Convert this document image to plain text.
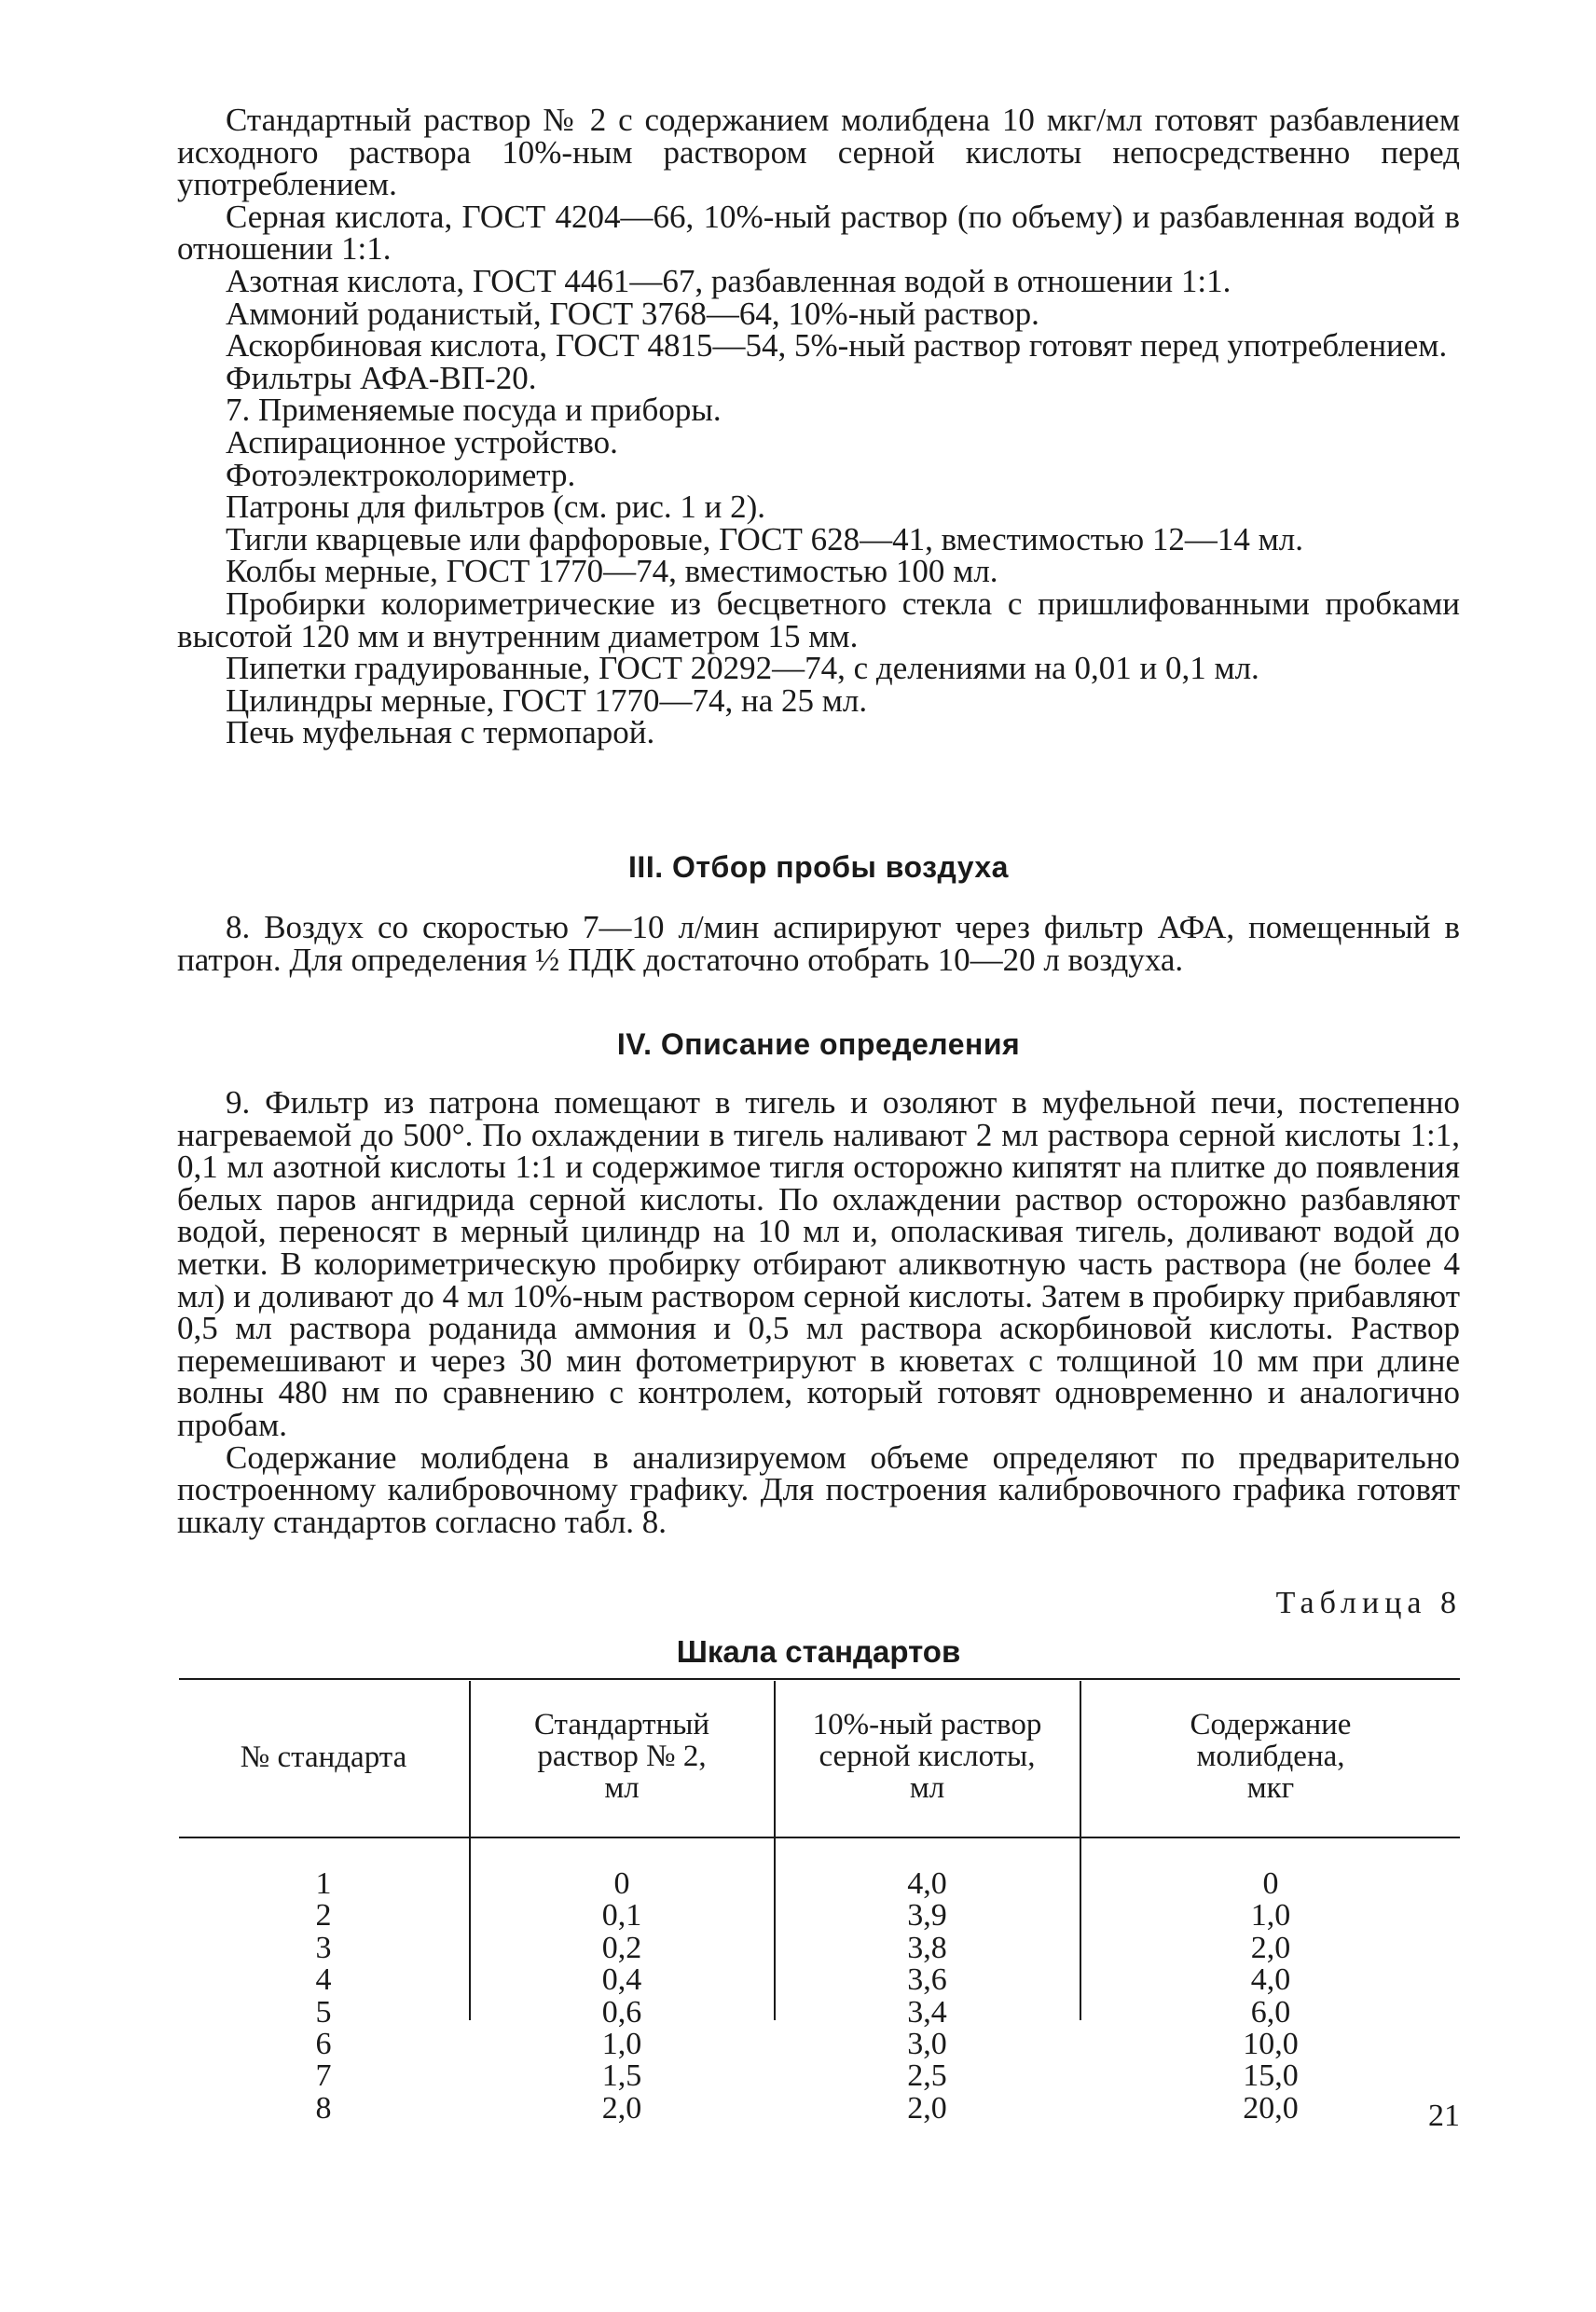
Стандартный раствор № 2 с содержанием молибдена 10 мкг/мл готовят разбавлением исходного раствора 10%-ным раствором серной кислоты непосредственно перед употреблением.

Серная кислота, ГОСТ 4204—66, 10%-ный раствор (по объему) и разбавленная водой в отношении 1:1.

Азотная кислота, ГОСТ 4461—67, разбавленная водой в отношении 1:1.

Аммоний роданистый, ГОСТ 3768—64, 10%-ный раствор.

Аскорбиновая кислота, ГОСТ 4815—54, 5%-ный раствор готовят перед употреблением.

Фильтры АФА-ВП-20.

7. Применяемые посуда и приборы.

Аспирационное устройство.

Фотоэлектроколориметр.

Патроны для фильтров (см. рис. 1 и 2).

Тигли кварцевые или фарфоровые, ГОСТ 628—41, вместимостью 12—14 мл.

Колбы мерные, ГОСТ 1770—74, вместимостью 100 мл.

Пробирки колориметрические из бесцветного стекла с пришлифованными пробками высотой 120 мм и внутренним диаметром 15 мм.

Пипетки градуированные, ГОСТ 20292—74, с делениями на 0,01 и 0,1 мл.

Цилиндры мерные, ГОСТ 1770—74, на 25 мл.

Печь муфельная с термопарой.

III. Отбор пробы воздуха

8. Воздух со скоростью 7—10 л/мин аспирируют через фильтр АФА, помещенный в патрон. Для определения ½ ПДК достаточно отобрать 10—20 л воздуха.

IV. Описание определения

9. Фильтр из патрона помещают в тигель и озоляют в муфельной печи, постепенно нагреваемой до 500°. По охлаждении в тигель наливают 2 мл раствора серной кислоты 1:1, 0,1 мл азотной кислоты 1:1 и содержимое тигля осторожно кипятят на плитке до появления белых паров ангидрида серной кислоты. По охлаждении раствор осторожно разбавляют водой, переносят в мерный цилиндр на 10 мл и, ополаскивая тигель, доливают водой до метки. В колориметрическую пробирку отбирают аликвотную часть раствора (не более 4 мл) и доливают до 4 мл 10%-ным раствором серной кислоты. Затем в пробирку прибавляют 0,5 мл раствора роданида аммония и 0,5 мл раствора аскорбиновой кислоты. Раствор перемешивают и через 30 мин фотометрируют в кюветах с толщиной 10 мм при длине волны 480 нм по сравнению с контролем, который готовят одновременно и аналогично пробам.

Содержание молибдена в анализируемом объеме определяют по предварительно построенному калибровочному графику. Для построения калибровочного графика готовят шкалу стандартов согласно табл. 8.

Таблица 8
Шкала стандартов
№ стандарта
Стандартный
раствор № 2,
мл
10%-ный раствор
серной кислоты,
мл
Содержание
молибдена,
мкг
1
2
3
4
5
6
7
8
0
0,1
0,2
0,4
0,6
1,0
1,5
2,0
4,0
3,9
3,8
3,6
3,4
3,0
2,5
2,0
0
1,0
2,0
4,0
6,0
10,0
15,0
20,0	21
